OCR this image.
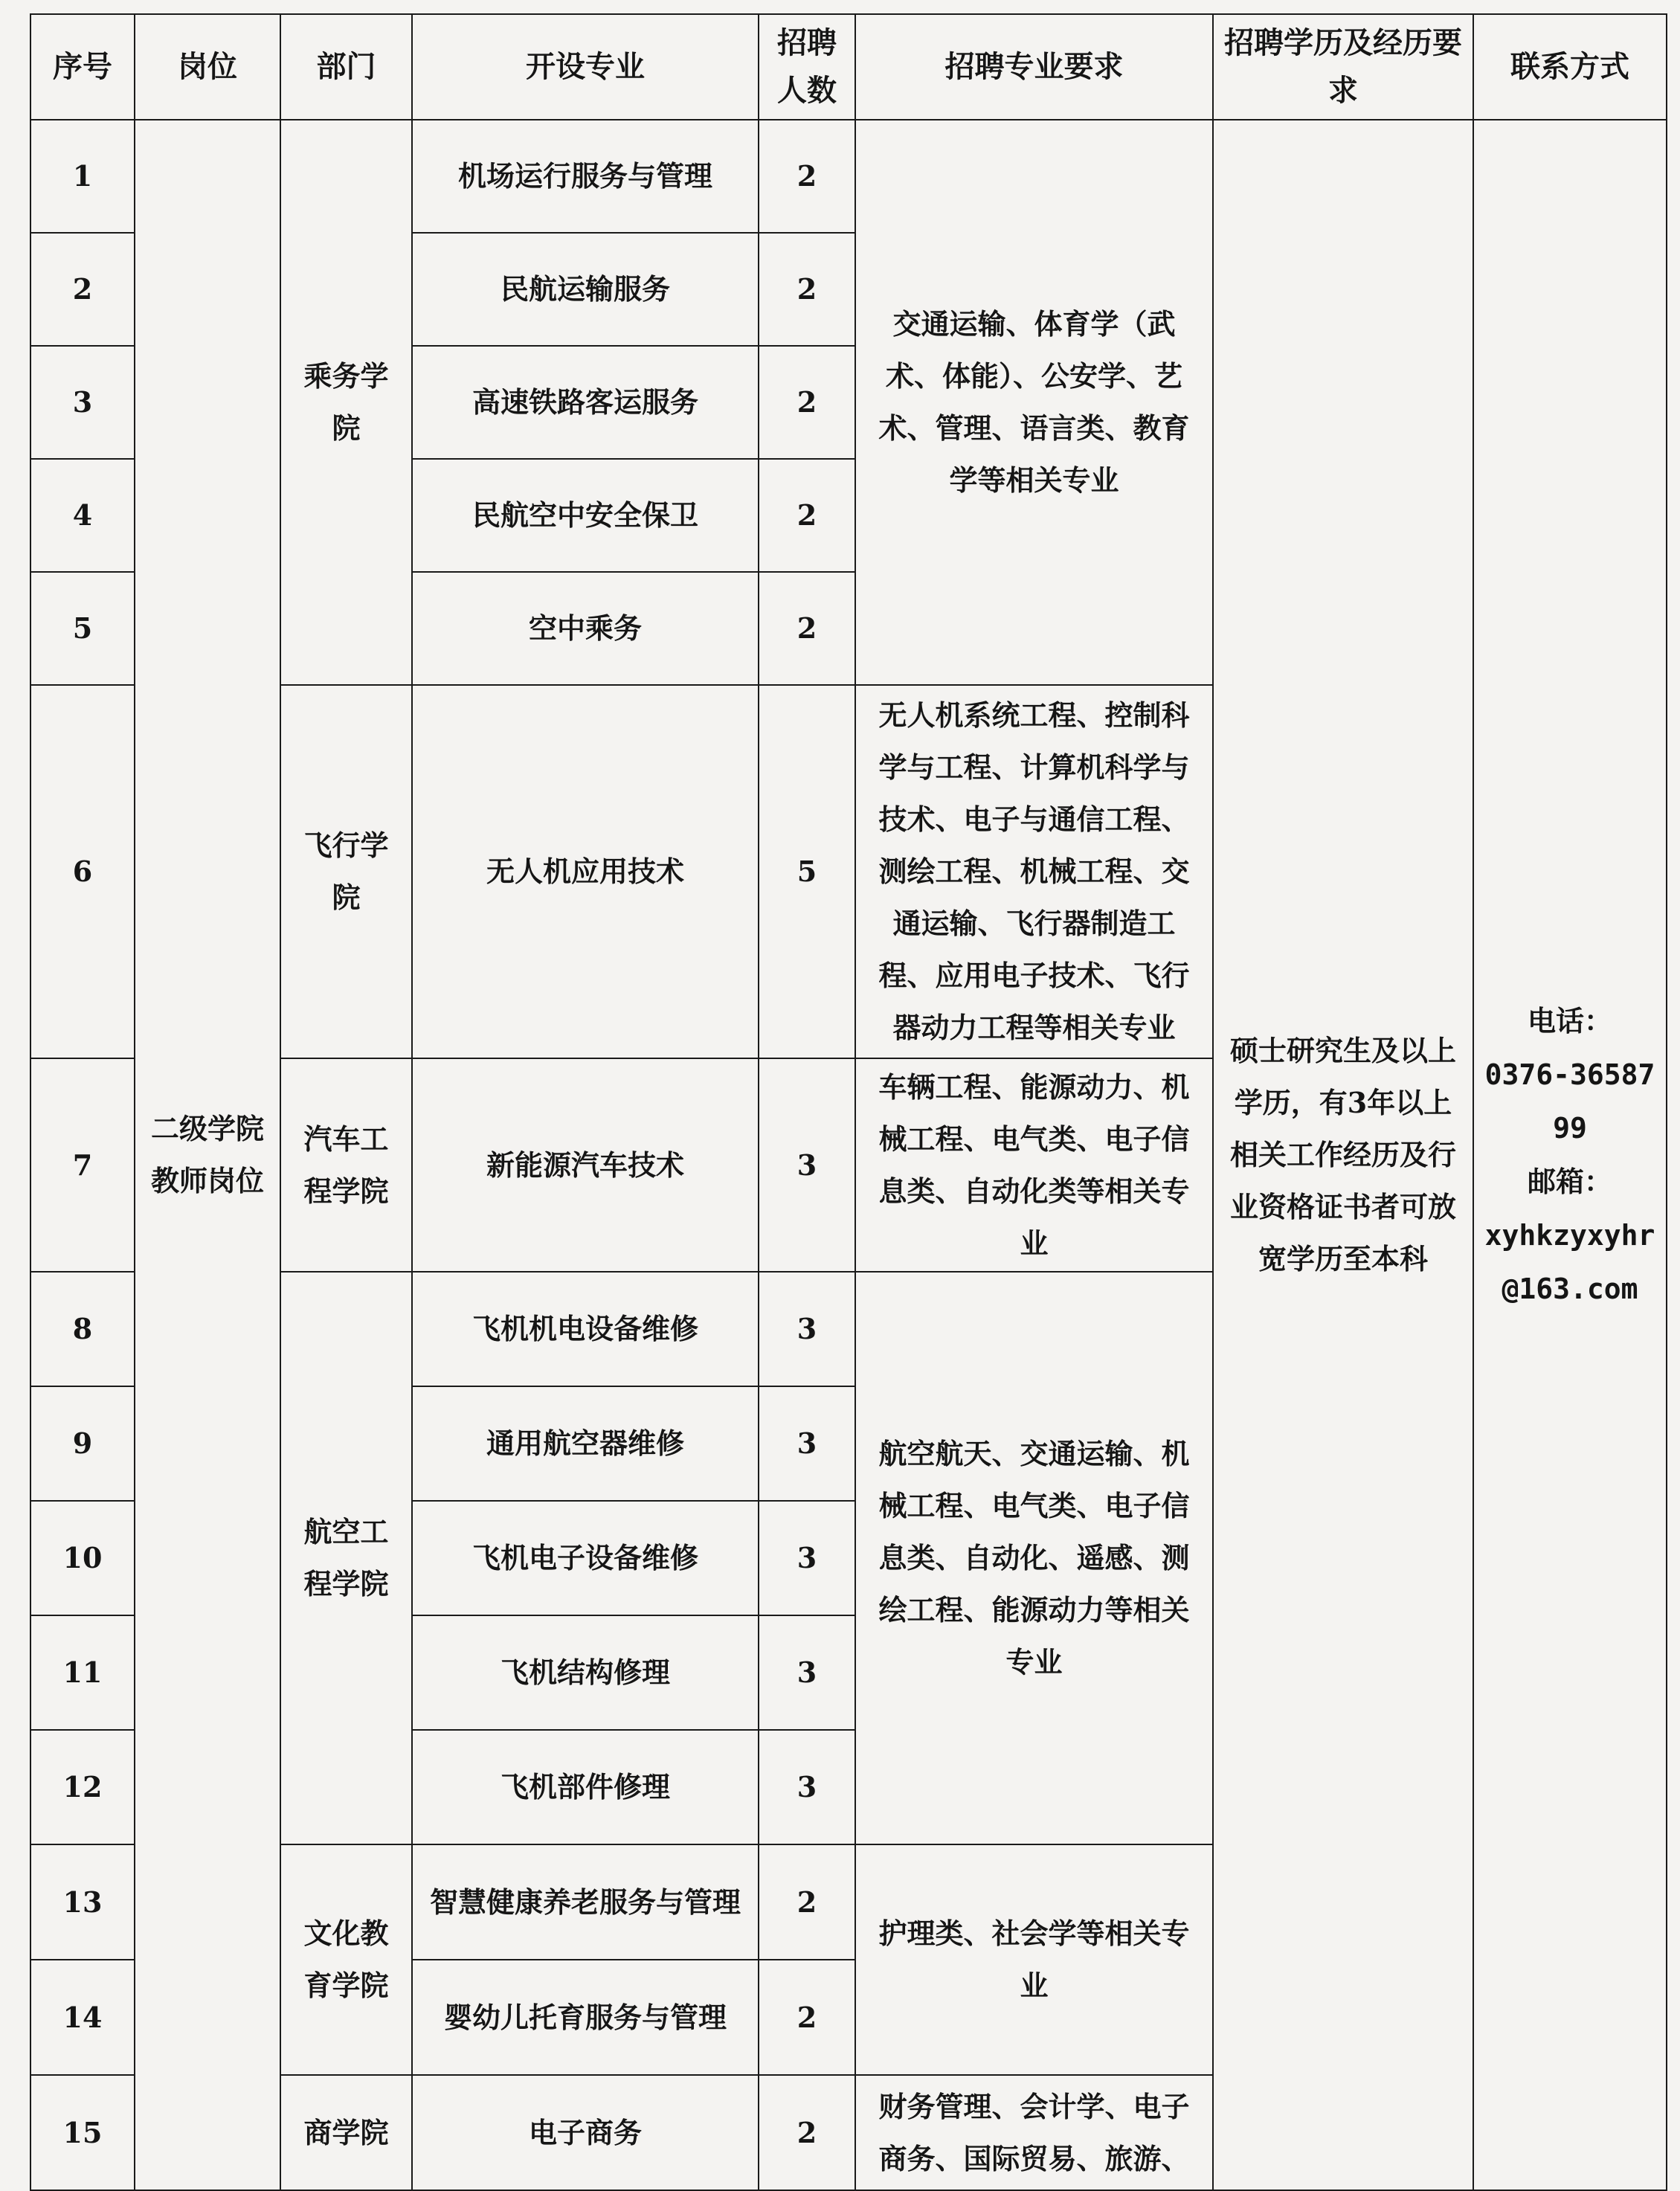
序号	岗位	部门	开设专业	招聘人数	招聘专业要求	招聘学历及经历要求	联系方式
1	二级学院教师岗位	乘务学院	机场运行服务与管理	2	交通运输、体育学（武术、体能）、公安学、艺术、管理、语言类、教育学等相关专业	硕士研究生及以上学历，有3年以上相关工作经历及行业资格证书者可放宽学历至本科	电话：
0376-3658799
邮箱：
xyhkzyxyhr@163.com

2			民航运输服务	2			
3			高速铁路客运服务	2			
4			民航空中安全保卫	2			
5			空中乘务	2			
6		飞行学院	无人机应用技术	5	无人机系统工程、控制科学与工程、计算机科学与技术、电子与通信工程、测绘工程、机械工程、交通运输、飞行器制造工程、应用电子技术、飞行器动力工程等相关专业		
7		汽车工程学院	新能源汽车技术	3	车辆工程、能源动力、机械工程、电气类、电子信息类、自动化类等相关专业		
8		航空工程学院	飞机机电设备维修	3	航空航天、交通运输、机械工程、电气类、电子信息类、自动化、遥感、测绘工程、能源动力等相关专业		
9			通用航空器维修	3			
10			飞机电子设备维修	3			
11			飞机结构修理	3			
12			飞机部件修理	3			
13		文化教育学院	智慧健康养老服务与管理	2	护理类、社会学等相关专业		
14			婴幼儿托育服务与管理	2			
15		商学院	电子商务	2	财务管理、会计学、电子商务、国际贸易、旅游、		
